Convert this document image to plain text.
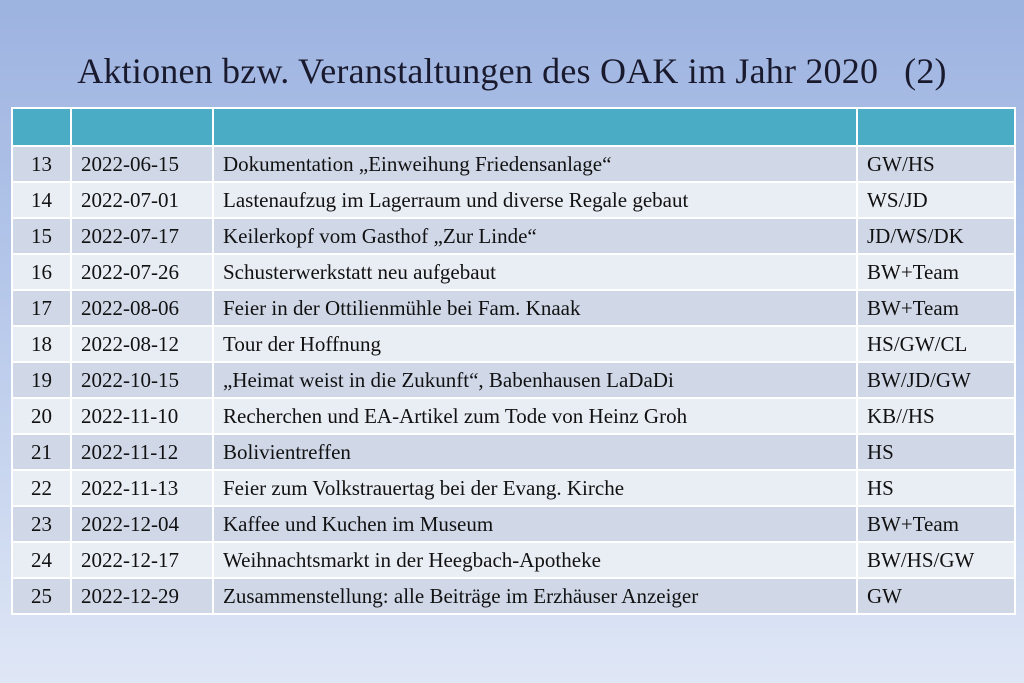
Aktionen bzw. Veranstaltungen des OAK im Jahr 2020 (2)

13	2022-06-15	Dokumentation „Einweihung Friedensanlage“	GW/HS
14	2022-07-01	Lastenaufzug im Lagerraum und diverse Regale gebaut	WS/JD
15	2022-07-17	Keilerkopf vom Gasthof „Zur Linde“	JD/WS/DK
16	2022-07-26	Schusterwerkstatt neu aufgebaut	BW+Team
17	2022-08-06	Feier in der Ottilienmühle bei Fam. Knaak	BW+Team
18	2022-08-12	Tour der Hoffnung	HS/GW/CL
19	2022-10-15	„Heimat weist in die Zukunft“, Babenhausen LaDaDi	BW/JD/GW
20	2022-11-10	Recherchen und EA-Artikel zum Tode von Heinz Groh	KB//HS
21	2022-11-12	Bolivientreffen	HS
22	2022-11-13	Feier zum Volkstrauertag bei der Evang. Kirche	HS
23	2022-12-04	Kaffee und Kuchen im Museum	BW+Team
24	2022-12-17	Weihnachtsmarkt in der Heegbach-Apotheke	BW/HS/GW
25	2022-12-29	Zusammenstellung: alle Beiträge im Erzhäuser Anzeiger	GW
